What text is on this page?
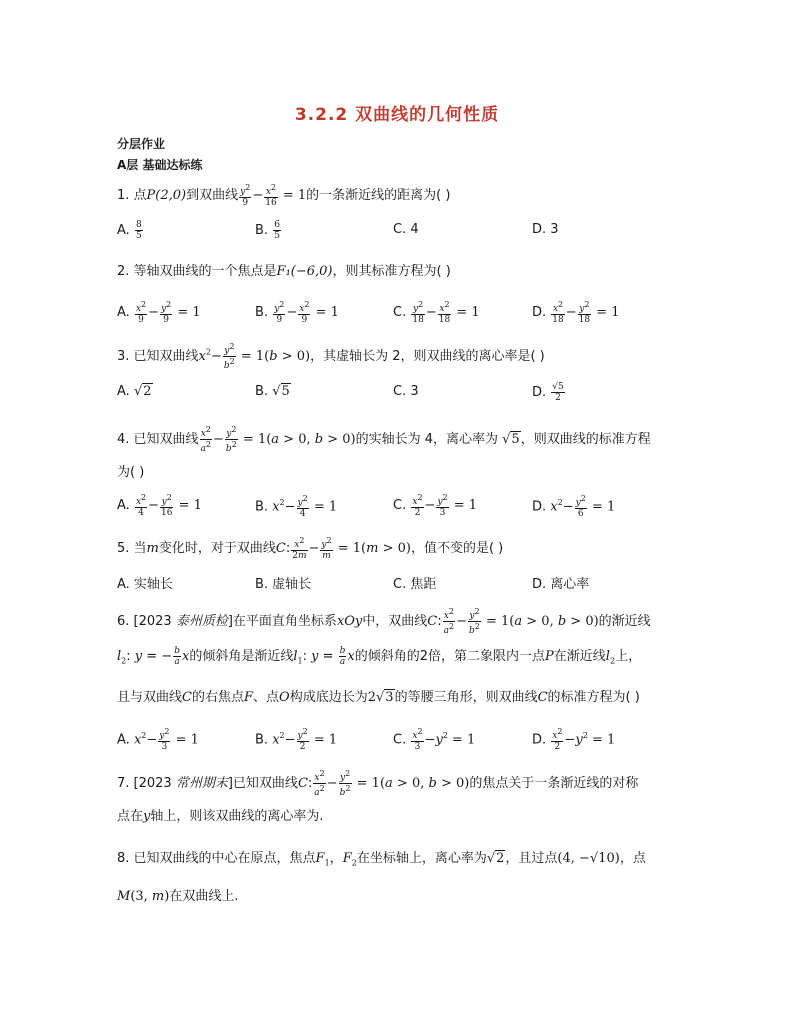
3.2.2 双曲线的几何性质
分层作业
A层 基础达标练
1. 点P(2,0)到双曲线 $\frac{y^2}{9} - \frac{x^2}{16} = 1$的一条渐近线的距离为( )
A. $\frac{8}{5}$	B. $\frac{6}{5}$	C. 4	D. 3
2. 等轴双曲线的一个焦点是F₁(−6,0)，则其标准方程为( )
A. $\frac{x^2}{9} - \frac{y^2}{9} = 1$	B. $\frac{y^2}{9} - \frac{x^2}{9} = 1$	C. $\frac{y^2}{18} - \frac{x^2}{18} = 1$	D. $\frac{x^2}{18} - \frac{y^2}{18} = 1$
3. 已知双曲线$x^2- \frac{y^2}{b^2} = 1(b > 0)$，其虚轴长为 2，则双曲线的离心率是( )
A. √2	B. √5	C. 3	D. $\frac{√5}{2}$
4. 已知双曲线 $\frac{x^2}{a^2} - \frac{y^2}{b^2} = 1(a > 0$, b > 0)的实轴长为 4，离心率为 √5，则双曲线的标准方程
为( )
A. $\frac{x^2}{4} - \frac{y^2}{16} = 1$	B. $x^2- \frac{y^2}{4} = 1$	C. $\frac{x^2}{2} - \frac{y^2}{3} = 1$	D. $x^2- \frac{y^2}{6} = 1$
5. 当m变化时，对于双曲线C: $\frac{x^2}{2m} - \frac{y^2}{m} = 1(m > 0)$，值不变的是( )
A. 实轴长	B. 虚轴长	C. 焦距	D. 离心率
6. [2023 泰州质检]在平面直角坐标系xOy中，双曲线C: $\frac{x^2}{a^2} - \frac{y^2}{b^2} = 1(a > 0$, b > 0)的渐近线
$l_2$: y = − $\frac{b}{a}$ x的倾斜角是渐近线$l_1$: $y = \frac{b}{a}$ x的倾斜角的2倍，第二象限内一点P在渐近线$l_2$上，
且与双曲线C的右焦点F、点O构成底边长为2√3的等腰三角形，则双曲线C的标准方程为( )
A. $x^2- \frac{y^2}{3} = 1$	B. $x^2- \frac{y^2}{2} = 1$	C. $\frac{x^2}{3} -y^2 = 1$	D. $\frac{x^2}{2} -y^2 = 1$
7. [2023 常州期末]已知双曲线C: $\frac{x^2}{a^2} - \frac{y^2}{b^2} = 1(a > 0$, b > 0)的焦点关于一条渐近线的对称
点在y轴上，则该双曲线的离心率为.
8. 已知双曲线的中心在原点，焦点$F_1$，$F_2$在坐标轴上，离心率为√2，且过点(4, −√10)，点
M(3, m)在双曲线上.
